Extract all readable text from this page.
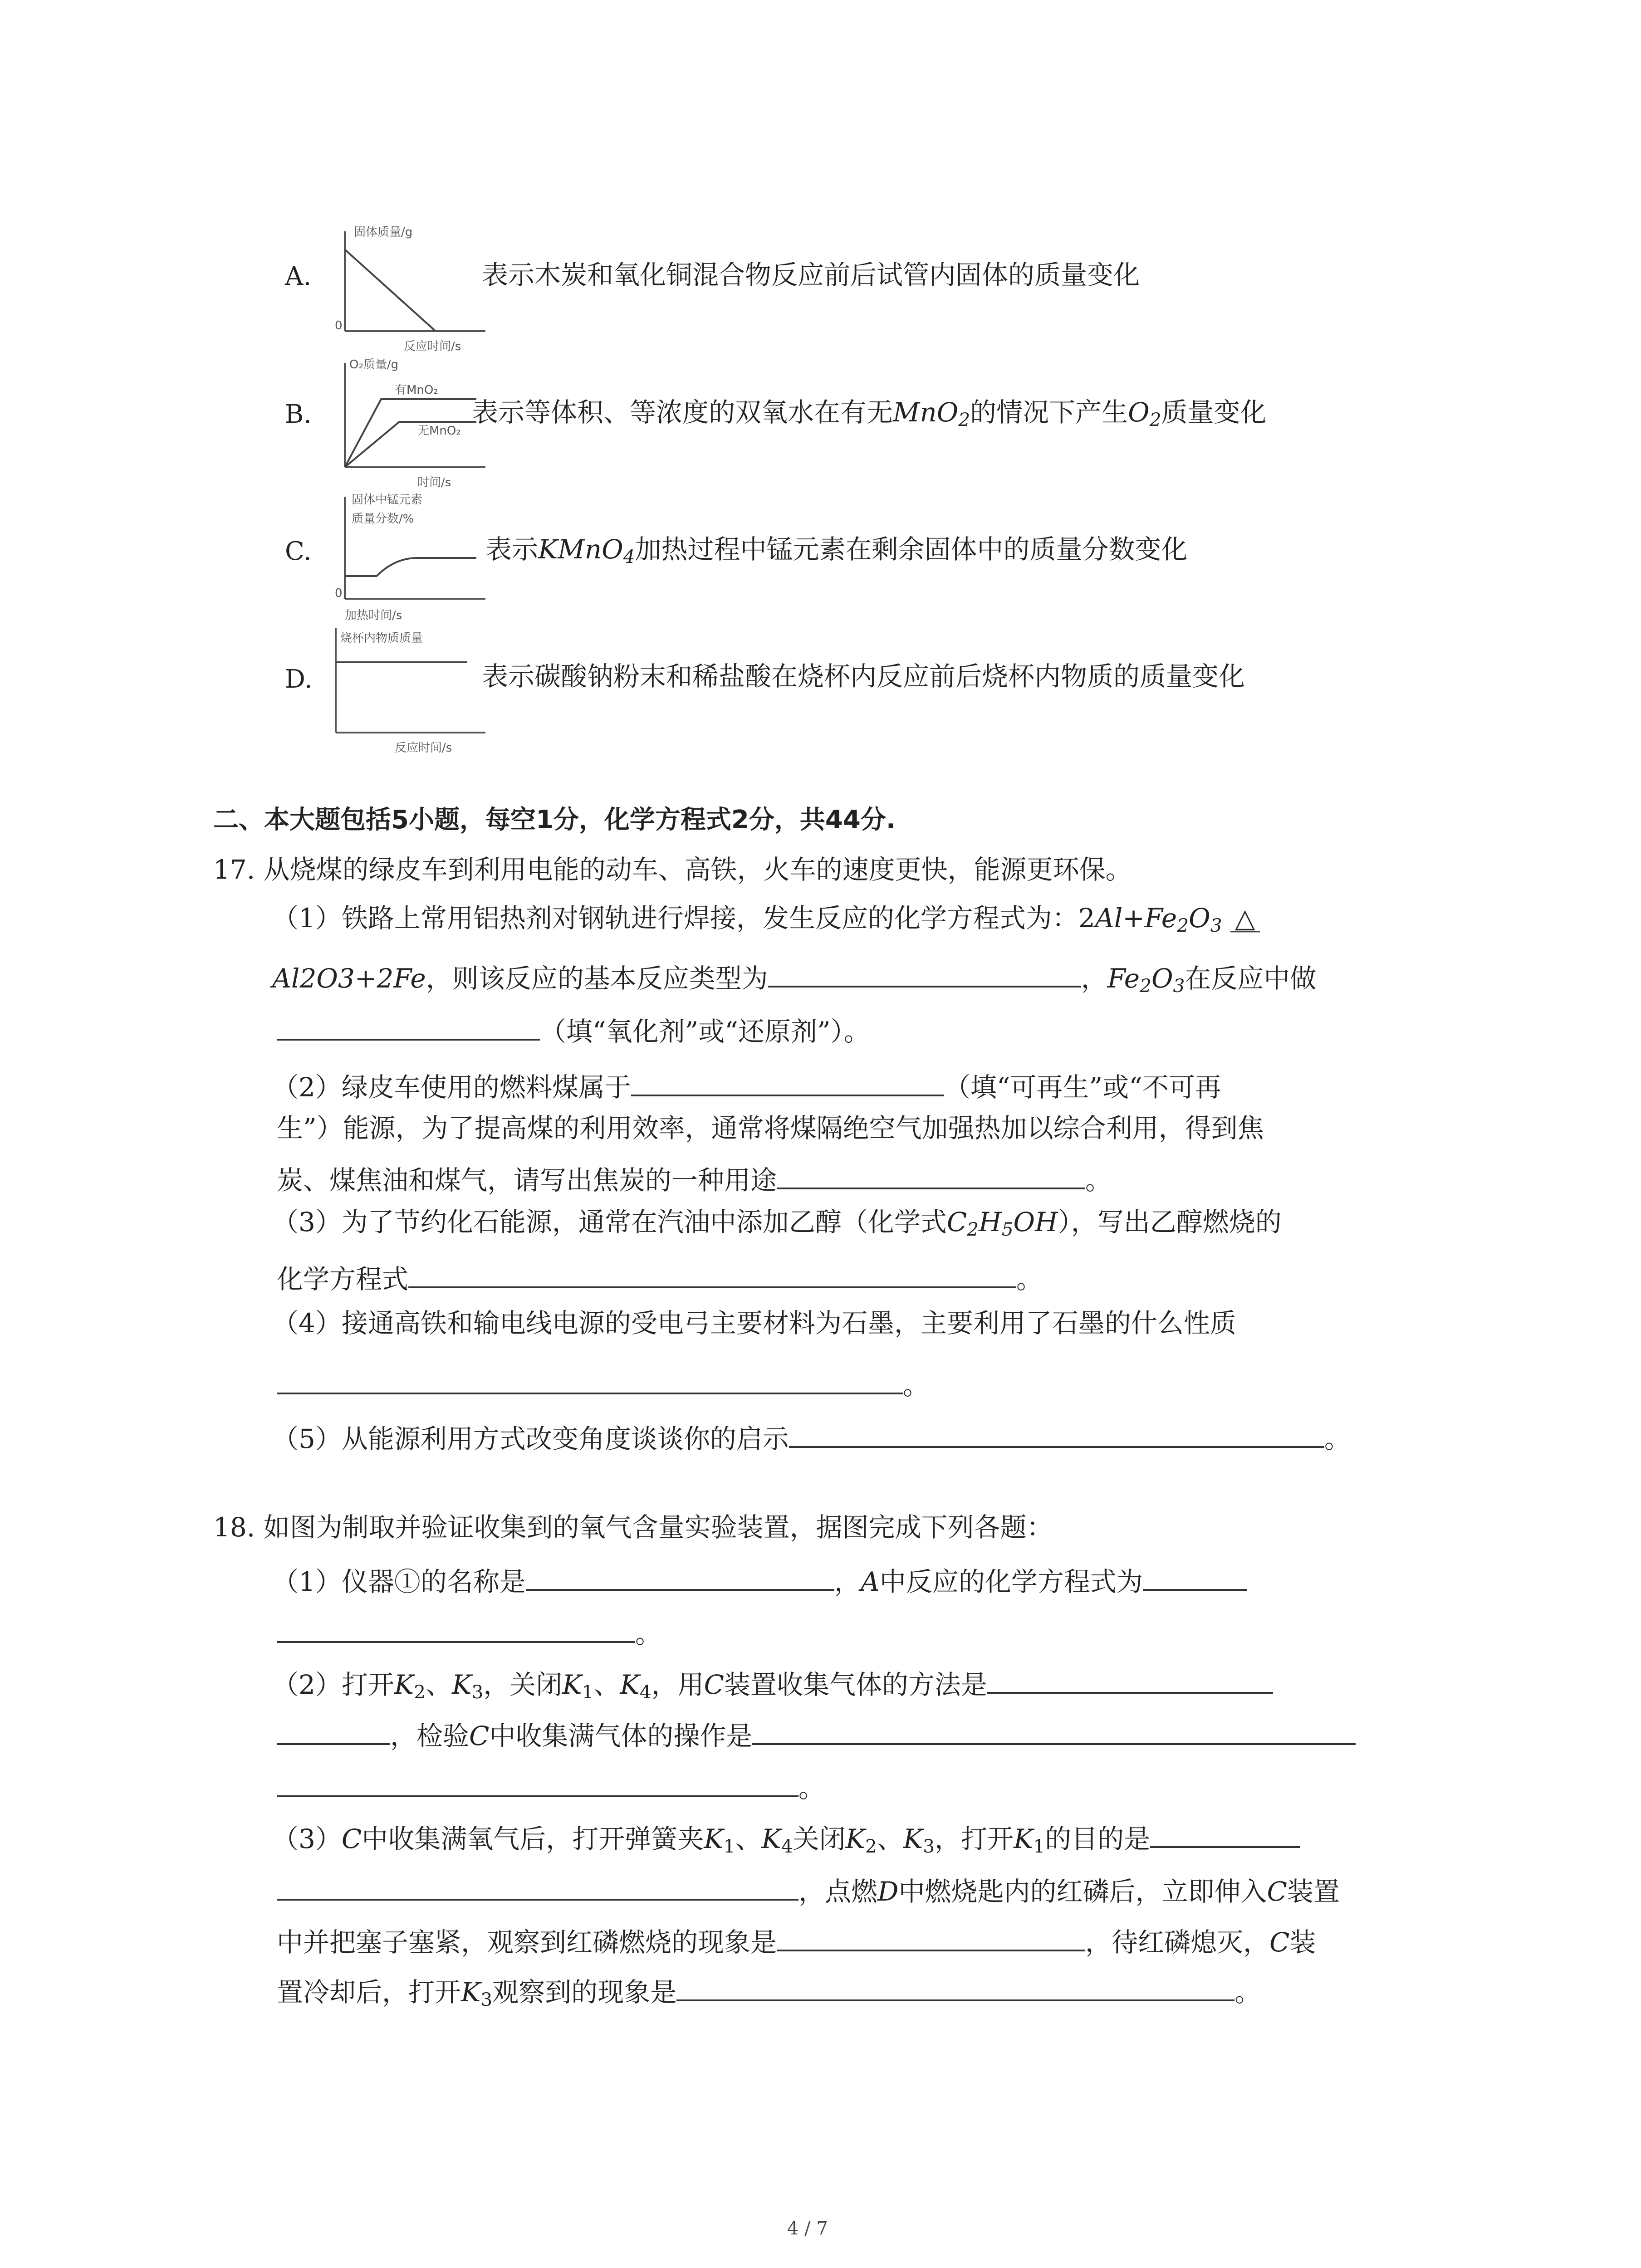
A.
固体质量/g
0
反应时间/s
表示木炭和氧化铜混合物反应前后试管内固体的质量变化
B.
O₂质量/g
有MnO₂
无MnO₂
时间/s
表示等体积、等浓度的双氧水在有无MnO$_2$的情况下产生$O_2$质量变化
C.
固体中锰元素
质量分数/%
0
加热时间/s
表示KMnO$_4$加热过程中锰元素在剩余固体中的质量分数变化
D.
烧杯内物质质量
反应时间/s
表示碳酸钠粉末和稀盐酸在烧杯内反应前后烧杯内物质的质量变化
二、本大题包括5小题，每空1分，化学方程式2分，共44分.
17. 从烧煤的绿皮车到利用电能的动车、高铁，火车的速度更快，能源更环保。
（1）铁路上常用铝热剂对钢轨进行焊接，发生反应的化学方程式为：$2Al+Fe_2O_3$ △
Al2O3+2Fe，则该反应的基本反应类型为	，$Fe_2O_3$在反应中做
（填“氧化剂”或“还原剂”）。
（2）绿皮车使用的燃料煤属于	（填“可再生”或“不可再
生”）能源，为了提高煤的利用效率，通常将煤隔绝空气加强热加以综合利用，得到焦
炭、煤焦油和煤气，请写出焦炭的一种用途	。
（3）为了节约化石能源，通常在汽油中添加乙醇（化学式$C_2H_5OH$），写出乙醇燃烧的
化学方程式	。
（4）接通高铁和输电线电源的受电弓主要材料为石墨，主要利用了石墨的什么性质
。
（5）从能源利用方式改变角度谈谈你的启示	。
18. 如图为制取并验证收集到的氧气含量实验装置，据图完成下列各题：
（1）仪器①的名称是	，A中反应的化学方程式为
。
（2）打开$K_2$、$K_3$，关闭$K_1$、$K_4$，用C装置收集气体的方法是
，检验C中收集满气体的操作是
。
（3）C中收集满氧气后，打开弹簧夹$K_1$、$K_4$关闭$K_2$、$K_3$，打开$K_1$的目的是
，点燃D中燃烧匙内的红磷后，立即伸入C装置
中并把塞子塞紧，观察到红磷燃烧的现象是	，待红磷熄灭，C装
置冷却后，打开$K_3$观察到的现象是	。
4 / 7
